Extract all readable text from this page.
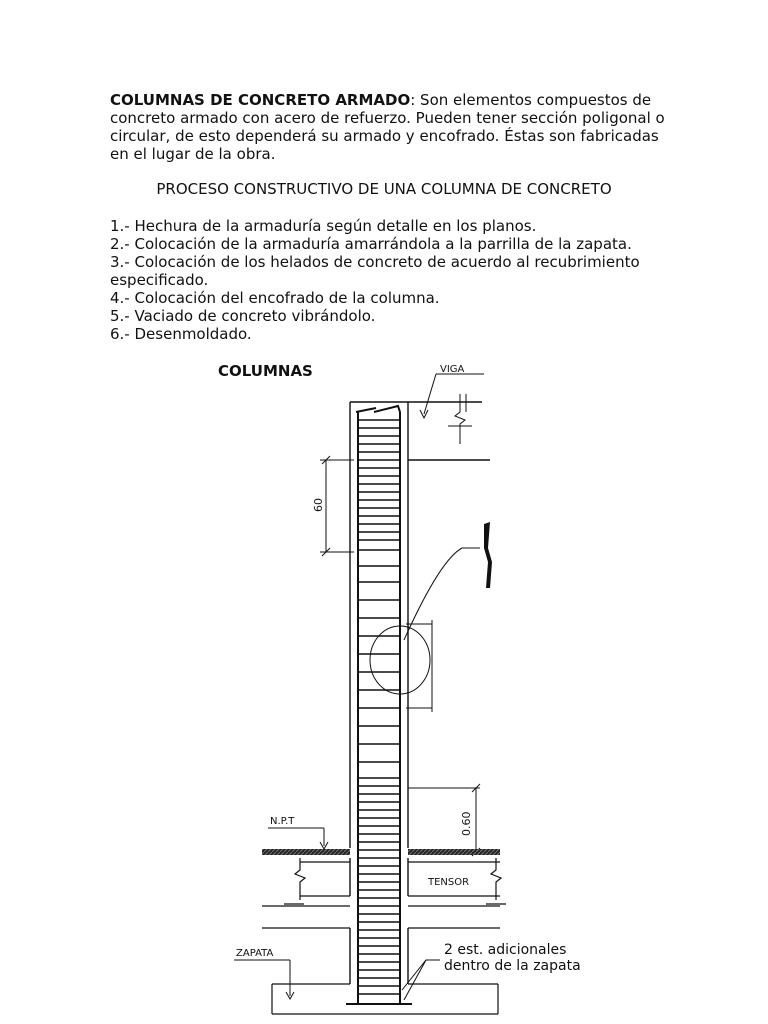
COLUMNAS DE CONCRETO ARMADO: Son elementos compuestos de concreto armado con acero de refuerzo. Pueden tener sección poligonal o circular, de esto dependerá su armado y encofrado. Éstas son fabricadas en el lugar de la obra.

PROCESO CONSTRUCTIVO DE UNA COLUMNA DE CONCRETO
1.- Hechura de la armaduría según detalle en los planos.
2.- Colocación de la armaduría amarrándola a la parrilla de la zapata.
3.- Colocación de los helados de concreto de acuerdo al recubrimiento especificado.
4.- Colocación del encofrado de la columna.
5.- Vaciado de concreto vibrándolo.
6.- Desenmoldado.
COLUMNAS	VIGA
60
0.60
N.P.T
TENSOR
ZAPATA	2 est. adicionales
dentro de la zapata
